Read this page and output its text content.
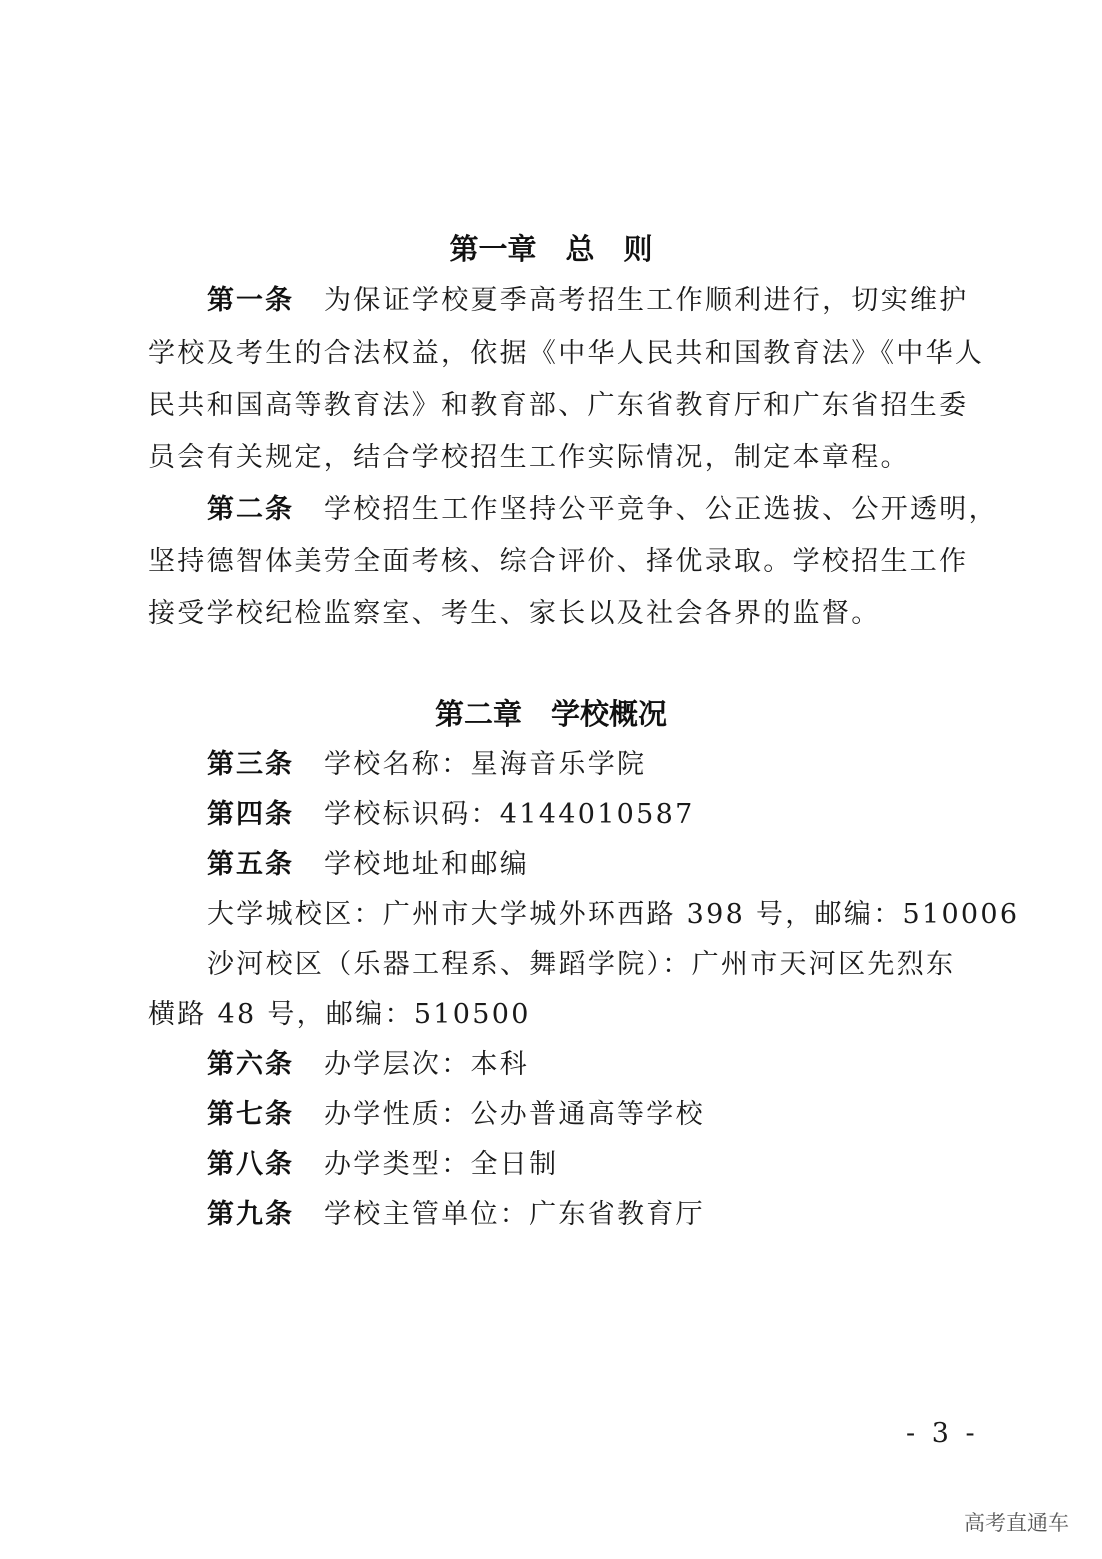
第一章　总　则
第一条 为保证学校夏季高考招生工作顺利进行，切实维护
学校及考生的合法权益，依据《中华人民共和国教育法》《中华人
民共和国高等教育法》和教育部、广东省教育厅和广东省招生委
员会有关规定，结合学校招生工作实际情况，制定本章程。
第二条 学校招生工作坚持公平竞争、公正选拔、公开透明，
坚持德智体美劳全面考核、综合评价、择优录取。学校招生工作
接受学校纪检监察室、考生、家长以及社会各界的监督。
第二章　学校概况
第三条 学校名称：星海音乐学院
第四条 学校标识码：4144010587
第五条 学校地址和邮编
大学城校区：广州市大学城外环西路 398 号，邮编：510006
沙河校区（乐器工程系、舞蹈学院）：广州市天河区先烈东
横路 48 号，邮编：510500
第六条 办学层次：本科
第七条 办学性质：公办普通高等学校
第八条 办学类型：全日制
第九条 学校主管单位：广东省教育厅
- 3 -
高考直通车
